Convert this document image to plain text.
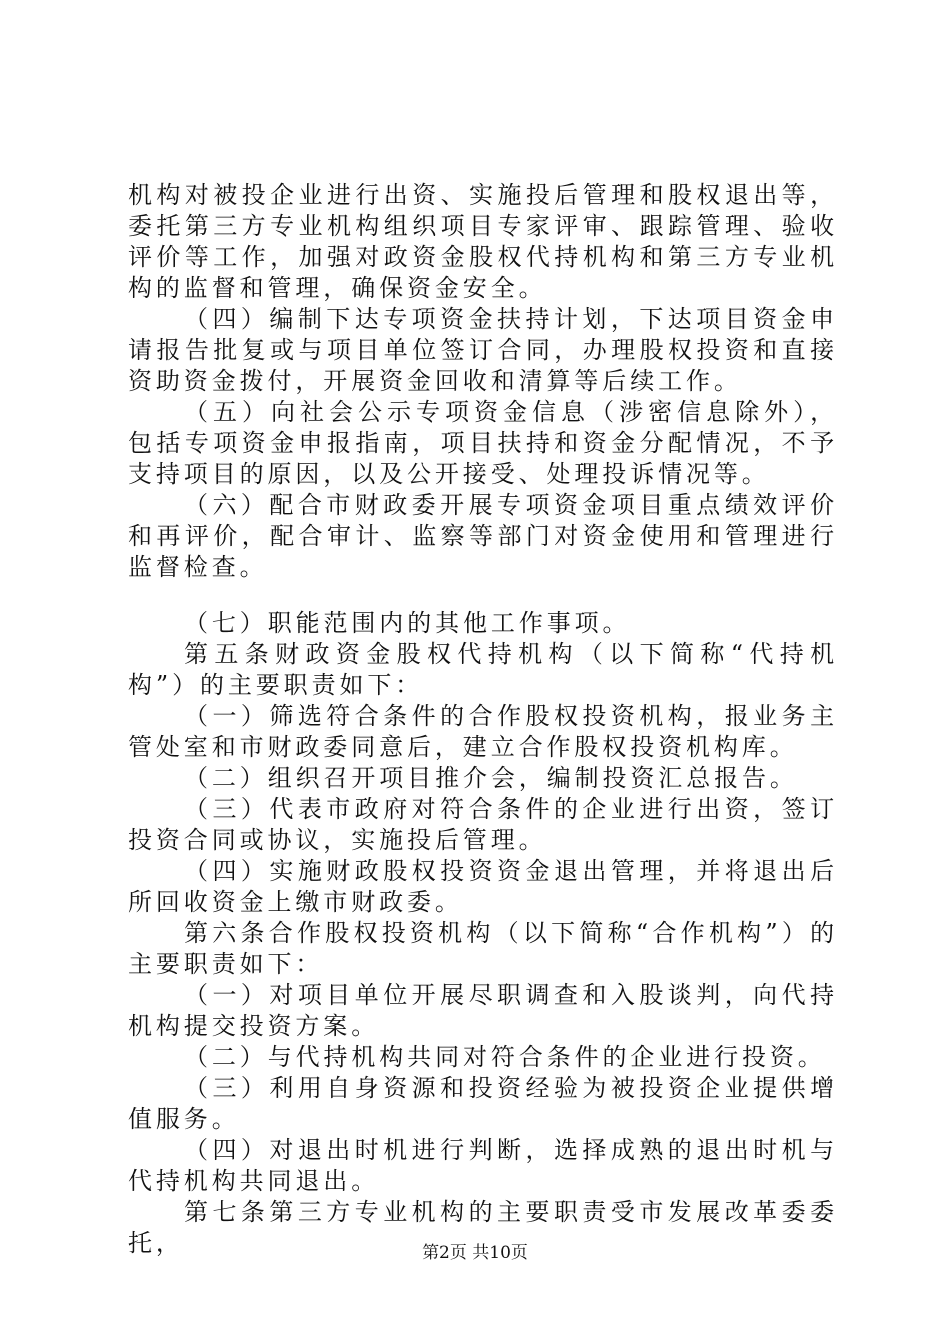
机构对被投企业进行出资、实施投后管理和股权退出等，委托第三方专业机构组织项目专家评审、跟踪管理、验收评价等工作，加强对政资金股权代持机构和第三方专业机构的监督和管理，确保资金安全。

（四）编制下达专项资金扶持计划，下达项目资金申请报告批复或与项目单位签订合同，办理股权投资和直接资助资金拨付，开展资金回收和清算等后续工作。

（五）向社会公示专项资金信息（涉密信息除外），包括专项资金申报指南，项目扶持和资金分配情况，不予支持项目的原因，以及公开接受、处理投诉情况等。

（六）配合市财政委开展专项资金项目重点绩效评价和再评价，配合审计、监察等部门对资金使用和管理进行监督检查。

（七）职能范围内的其他工作事项。

第五条财政资金股权代持机构（以下简称“代持机构”）的主要职责如下：

（一）筛选符合条件的合作股权投资机构，报业务主管处室和市财政委同意后，建立合作股权投资机构库。

（二）组织召开项目推介会，编制投资汇总报告。

（三）代表市政府对符合条件的企业进行出资，签订投资合同或协议，实施投后管理。

（四）实施财政股权投资资金退出管理，并将退出后所回收资金上缴市财政委。

第六条合作股权投资机构（以下简称“合作机构”）的主要职责如下：

（一）对项目单位开展尽职调查和入股谈判，向代持机构提交投资方案。

（二）与代持机构共同对符合条件的企业进行投资。

（三）利用自身资源和投资经验为被投资企业提供增值服务。

（四）对退出时机进行判断，选择成熟的退出时机与代持机构共同退出。

第七条第三方专业机构的主要职责受市发展改革委委托，	第2页 共10页
